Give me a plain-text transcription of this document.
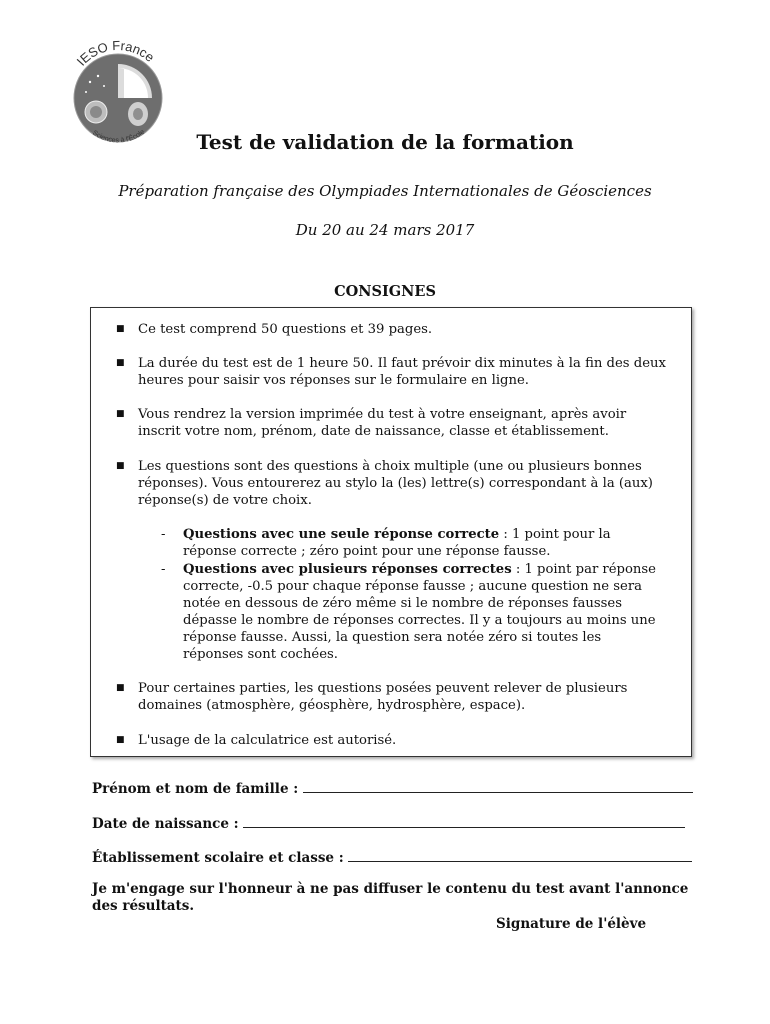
IESO France
Sciences à l'École	Test de validation de la formation
Préparation française des Olympiades Internationales de Géosciences
Du 20 au 24 mars 2017
CONSIGNES
■ Ce test comprend 50 questions et 39 pages.
■ La durée du test est de 1 heure 50. Il faut prévoir dix minutes à la fin des deux heures pour saisir vos réponses sur le formulaire en ligne.
■ Vous rendrez la version imprimée du test à votre enseignant, après avoir inscrit votre nom, prénom, date de naissance, classe et établissement.
■ Les questions sont des questions à choix multiple (une ou plusieurs bonnes réponses). Vous entourerez au stylo la (les) lettre(s) correspondant à la (aux) réponse(s) de votre choix.
- Questions avec une seule réponse correcte : 1 point pour la réponse correcte ; zéro point pour une réponse fausse.
- Questions avec plusieurs réponses correctes : 1 point par réponse correcte, -0.5 pour chaque réponse fausse ; aucune question ne sera notée en dessous de zéro même si le nombre de réponses fausses dépasse le nombre de réponses correctes. Il y a toujours au moins une réponse fausse. Aussi, la question sera notée zéro si toutes les réponses sont cochées.
■ Pour certaines parties, les questions posées peuvent relever de plusieurs domaines (atmosphère, géosphère, hydrosphère, espace).
■ L'usage de la calculatrice est autorisé.
Prénom et nom de famille :
Date de naissance :
Établissement scolaire et classe :
Je m'engage sur l'honneur à ne pas diffuser le contenu du test avant l'annonce des résultats.
Signature de l'élève
